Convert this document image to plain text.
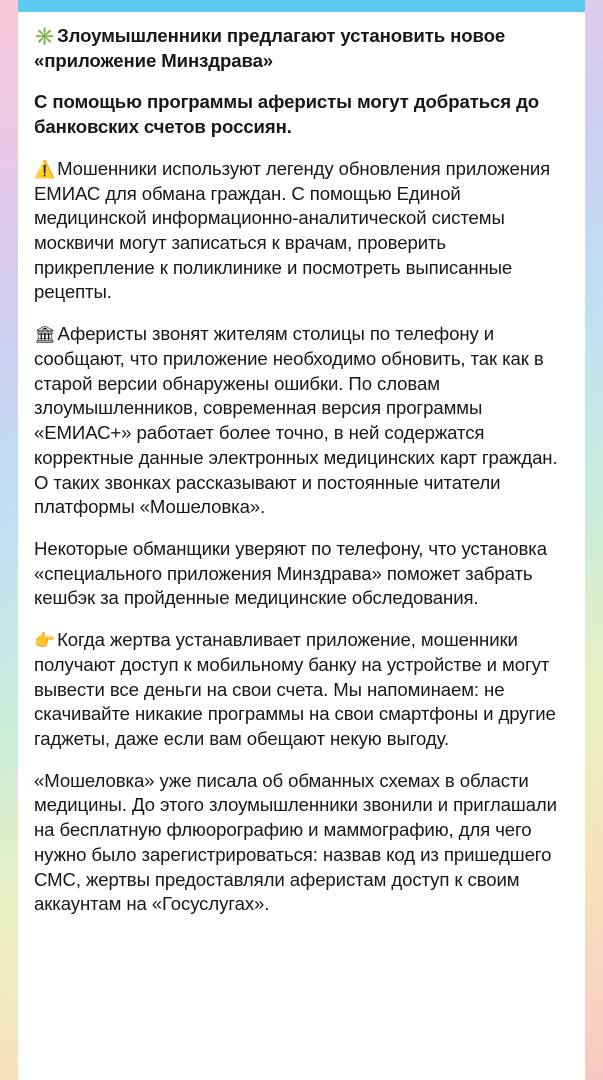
✳️ Злоумышленники предлагают установить новое «приложение Минздрава»

С помощью программы аферисты могут добраться до банковских счетов россиян.

⚠️ Мошенники используют легенду обновления приложения ЕМИАС для обмана граждан. С помощью Единой медицинской информационно-аналитической системы москвичи могут записаться к врачам, проверить прикрепление к поликлинике и посмотреть выписанные рецепты.

🏛 Аферисты звонят жителям столицы по телефону и сообщают, что приложение необходимо обновить, так как в старой версии обнаружены ошибки. По словам злоумышленников, современная версия программы «ЕМИАС+» работает более точно, в ней содержатся корректные данные электронных медицинских карт граждан. О таких звонках рассказывают и постоянные читатели платформы «Мошеловка».

Некоторые обманщики уверяют по телефону, что установка «специального приложения Минздрава» поможет забрать кешбэк за пройденные медицинские обследования.

👉 Когда жертва устанавливает приложение, мошенники получают доступ к мобильному банку на устройстве и могут вывести все деньги на свои счета. Мы напоминаем: не скачивайте никакие программы на свои смартфоны и другие гаджеты, даже если вам обещают некую выгоду.

«Мошеловка» уже писала об обманных схемах в области медицины. До этого злоумышленники звонили и приглашали на бесплатную флюорографию и маммографию, для чего нужно было зарегистрироваться: назвав код из пришедшего СМС, жертвы предоставляли аферистам доступ к своим аккаунтам на «Госуслугах».
